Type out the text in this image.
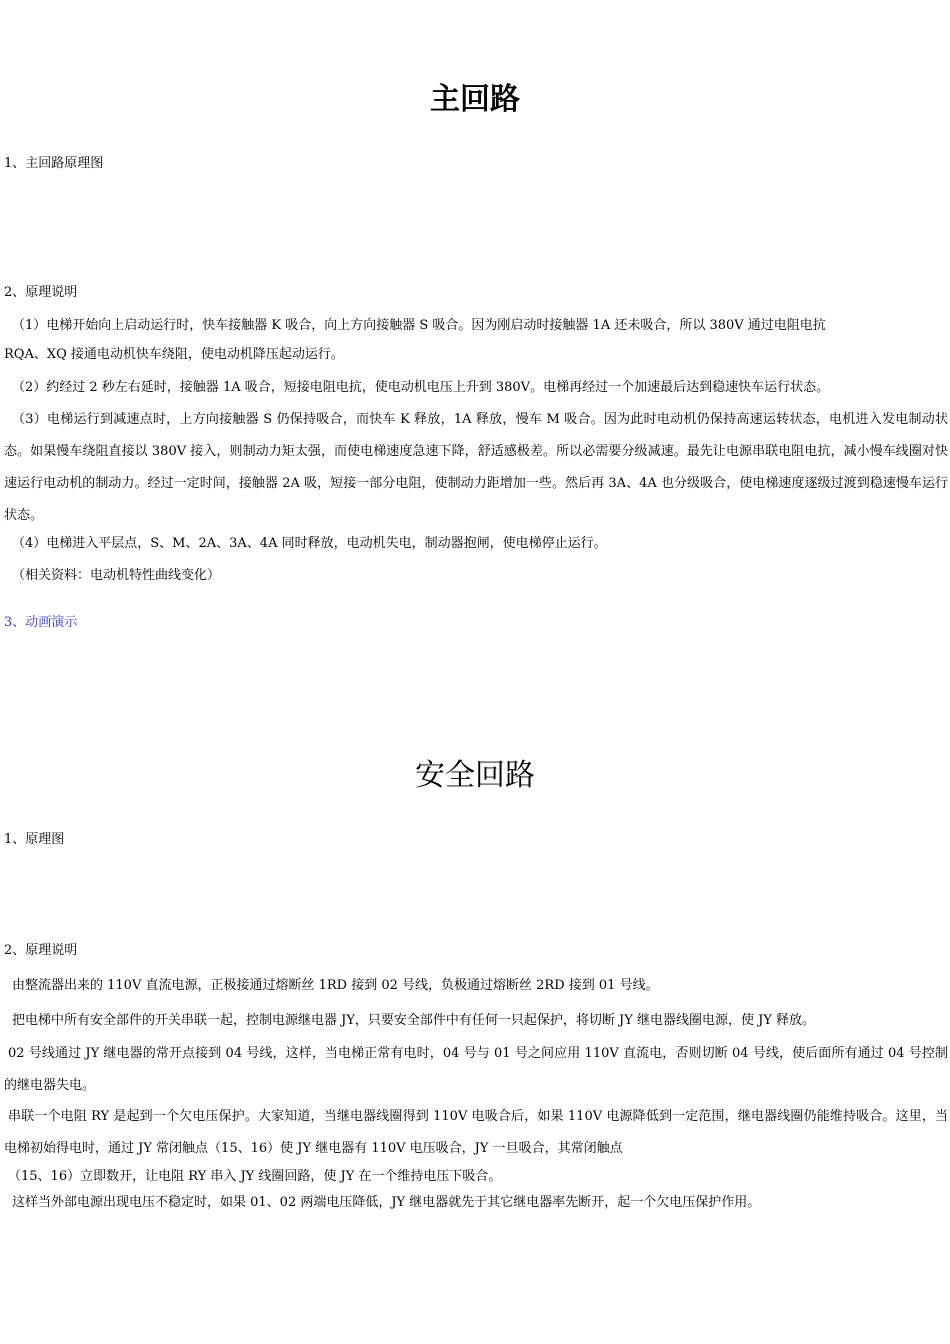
主回路
1、主回路原理图
2、原理说明
（1）电梯开始向上启动运行时，快车接触器 K 吸合，向上方向接触器 S 吸合。因为刚启动时接触器 1A 还未吸合，所以 380V 通过电阻电抗
RQA、XQ 接通电动机快车绕阻，使电动机降压起动运行。
（2）约经过 2 秒左右延时，接触器 1A 吸合，短接电阻电抗，使电动机电压上升到 380V。电梯再经过一个加速最后达到稳速快车运行状态。
（3）电梯运行到减速点时，上方向接触器 S 仍保持吸合，而快车 K 释放，1A 释放，慢车 M 吸合。因为此时电动机仍保持高速运转状态，电机进入发电制动状态。如果慢车绕阻直接以 380V 接入，则制动力矩太强，而使电梯速度急速下降，舒适感极差。所以必需要分级减速。最先让电源串联电阻电抗，减小慢车线圈对快速运行电动机的制动力。经过一定时间，接触器 2A 吸，短接一部分电阻，使制动力距增加一些。然后再 3A、4A 也分级吸合，使电梯速度逐级过渡到稳速慢车运行状态。
（4）电梯进入平层点，S、M、2A、3A、4A 同时释放，电动机失电，制动器抱闸，使电梯停止运行。
（相关资料：电动机特性曲线变化）
3、动画演示
安全回路
1、原理图
2、原理说明
由整流器出来的 110V 直流电源，正极接通过熔断丝 1RD 接到 02 号线，负极通过熔断丝 2RD 接到 01 号线。
把电梯中所有安全部件的开关串联一起，控制电源继电器 JY，只要安全部件中有任何一只起保护，将切断 JY 继电器线圈电源，使 JY 释放。
02 号线通过 JY 继电器的常开点接到 04 号线，这样，当电梯正常有电时，04 号与 01 号之间应用 110V 直流电，否则切断 04 号线，使后面所有通过 04 号控制的继电器失电。
串联一个电阻 RY 是起到一个欠电压保护。大家知道，当继电器线圈得到 110V 电吸合后，如果 110V 电源降低到一定范围，继电器线圈仍能维持吸合。这里，当电梯初始得电时，通过 JY 常闭触点（15、16）使 JY 继电器有 110V 电压吸合，JY 一旦吸合，其常闭触点
（15、16）立即数开，让电阻 RY 串入 JY 线圈回路，使 JY 在一个维持电压下吸合。
这样当外部电源出现电压不稳定时，如果 01、02 两端电压降低，JY 继电器就先于其它继电器率先断开，起一个欠电压保护作用。
